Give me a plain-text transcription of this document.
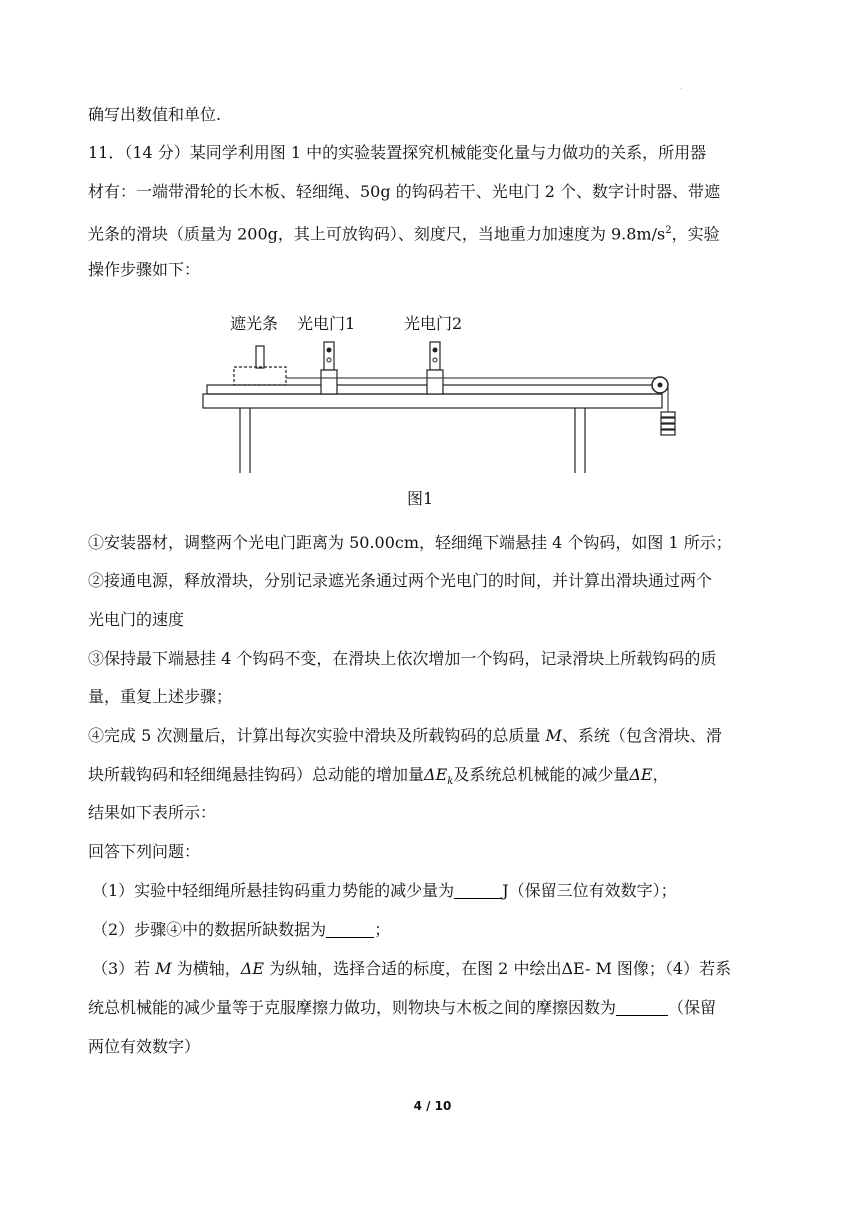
·
确写出数值和单位.
11．（14 分）某同学利用图 1 中的实验装置探究机械能变化量与力做功的关系，所用器
材有：一端带滑轮的长木板、轻细绳、50g 的钩码若干、光电门 2 个、数字计时器、带遮
光条的滑块（质量为 200g，其上可放钩码）、刻度尺，当地重力加速度为 $9.8m/s^2$，实验
操作步骤如下：
遮光条 光电门1	光电门2
图1
①安装器材，调整两个光电门距离为 50.00cm，轻细绳下端悬挂 4 个钩码，如图 1 所示；
②接通电源，释放滑块，分别记录遮光条通过两个光电门的时间，并计算出滑块通过两个
光电门的速度
③保持最下端悬挂 4 个钩码不变，在滑块上依次增加一个钩码，记录滑块上所载钩码的质
量，重复上述步骤；
④完成 5 次测量后，计算出每次实验中滑块及所载钩码的总质量 M、系统（包含滑块、滑
块所载钩码和轻细绳悬挂钩码）总动能的增加量$\Delta E_k$及系统总机械能的减少量ΔE，
结果如下表所示：
回答下列问题：
（1）实验中轻细绳所悬挂钩码重力势能的减少量为	J（保留三位有效数字）；
（2）步骤④中的数据所缺数据为	；
（3）若 M 为横轴，ΔE 为纵轴，选择合适的标度，在图 2 中绘出ΔE- M 图像；（4）若系
统总机械能的减少量等于克服摩擦力做功，则物块与木板之间的摩擦因数为	（保留
两位有效数字）
4 / 10
